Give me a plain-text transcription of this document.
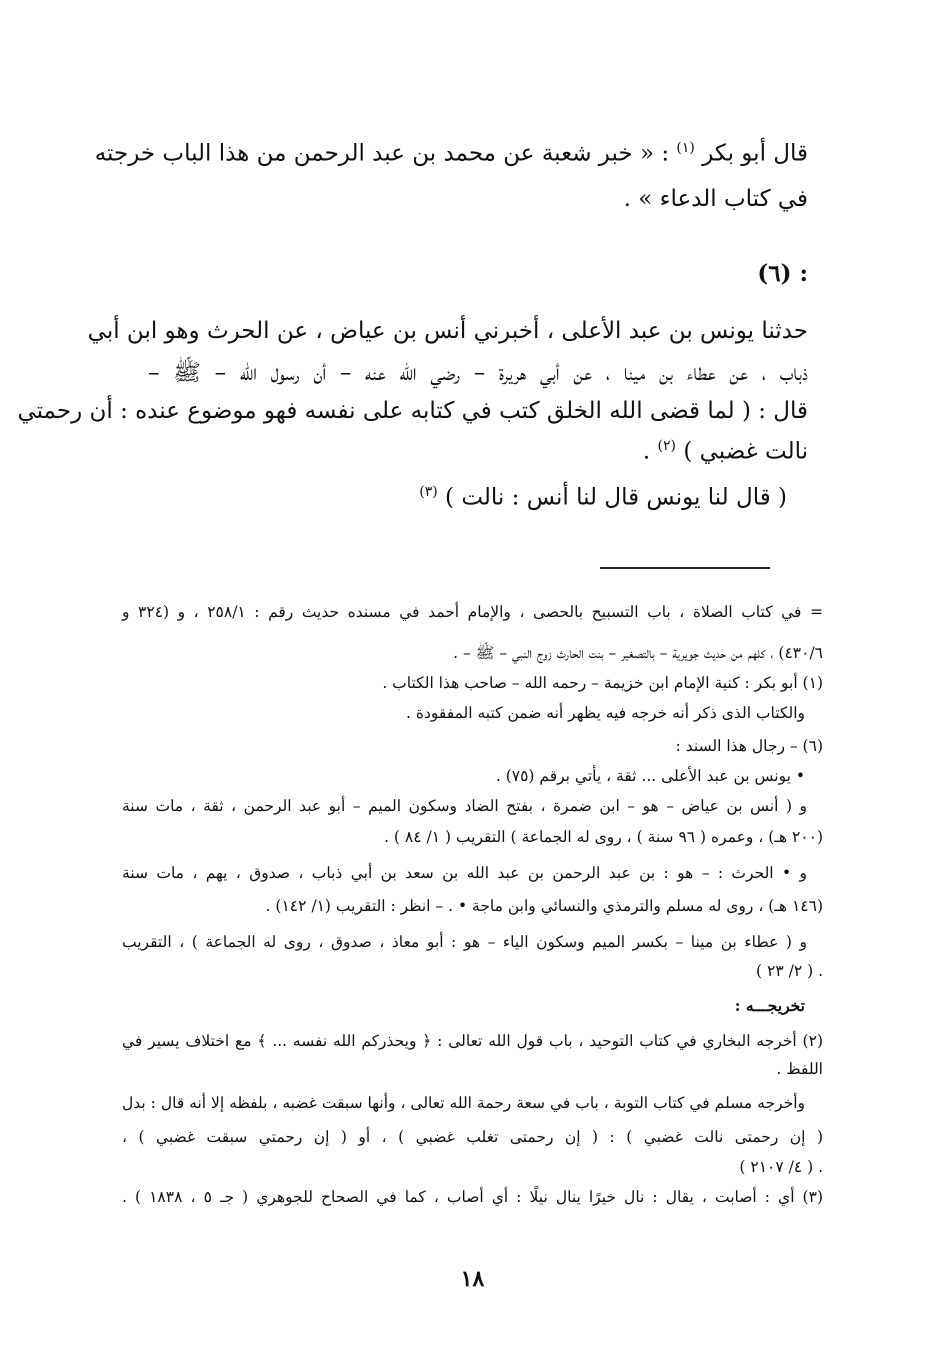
قال أبو بكر $^{(١)}$ : « خبر شعبة عن محمد بن عبد الرحمن من هذا الباب خرجته
في كتاب الدعاء » .
: (٦)
حدثنا يونس بن عبد الأعلى ، أخبرني أنس بن عياض ، عن الحرث وهو ابن أبي
ذباب ، عن عطاء بن مينا ، عن أبي هريرة – رضي الله عنه – أن رسول الله – ﷺ –
قال : ( لما قضى الله الخلق كتب في كتابه على نفسه فهو موضوع عنده : أن رحمتي
نالت غضبي ) $^{(٢)}$ .
( قال لنا يونس قال لنا أنس : نالت ) $^{(٣)}$
= في كتاب الصلاة ، باب التسبيح بالحصى ، والإمام أحمد في مسنده حديث رقم : ٢٥٨/١ ، و (٣٢٤ و
٤٣٠/٦) ، كلهم من حديث جويرية – بالتصغير – بنت الحارث زوج النبي – ﷺ – .
(١) أبو بكر : كنية الإمام ابن خزيمة – رحمه الله – صاحب هذا الكتاب .
والكتاب الذى ذكر أنه خرجه فيه يظهر أنه ضمن كتبه المفقودة .
(٦) – رجال هذا السند :
• يونس بن عبد الأعلى ... ثقة ، يأتي برقم (٧٥) .
و ( أنس بن عياض – هو – ابن ضمرة ، بفتح الضاد وسكون الميم – أبو عبد الرحمن ، ثقة ، مات سنة
(٢٠٠ هـ) ، وعمره ( ٩٦ سنة ) ، روى له الجماعة ) التقريب ( ١/ ٨٤ ) .
و • الحرث : – هو : بن عبد الرحمن بن عبد الله بن سعد بن أبي ذباب ، صدوق ، يهم ، مات سنة
(١٤٦ هـ) ، روى له مسلم والترمذي والنسائي وابن ماجة • . – انظر : التقريب (١/ ١٤٢) .
و ( عطاء بن مينا – بكسر الميم وسكون الياء – هو : أبو معاذ ، صدوق ، روى له الجماعة ) ، التقريب
. ( ٢/ ٢٣ )
تخريجـــه :
(٢) أخرجه البخاري في كتاب التوحيد ، باب قول الله تعالى : ﴿ ويحذركم الله نفسه ... ﴾ مع اختلاف يسير في
اللفظ .
وأخرجه مسلم في كتاب التوبة ، باب في سعة رحمة الله تعالى ، وأنها سبقت غضبه ، بلفظه إلا أنه قال : بدل
( إن رحمتى نالت غضبي ) : ( إن رحمتى تغلب غضبي ) ، أو ( إن رحمتي سبقت غضبي ) ،
. ( ٤/ ٢١٠٧ )
(٣) أي : أصابت ، يقال : نال خيرًا ينال نيلًا : أي أصاب ، كما في الصحاح للجوهري ( جـ ٥ ، ١٨٣٨ ) .
١٨
